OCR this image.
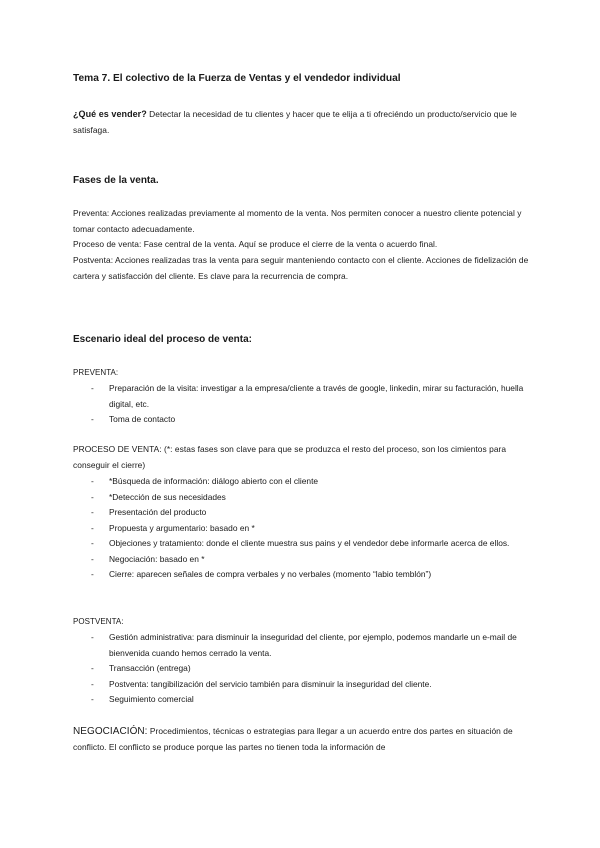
Tema 7. El colectivo de la Fuerza de Ventas y el vendedor individual

¿Qué es vender? Detectar la necesidad de tu clientes y hacer que te elija a ti ofreciéndo un producto/servicio que le satisfaga.

Fases de la venta.

Preventa: Acciones realizadas previamente al momento de la venta. Nos permiten conocer a nuestro cliente potencial y tomar contacto adecuadamente.

Proceso de venta: Fase central de la venta. Aquí se produce el cierre de la venta o acuerdo final.

Postventa: Acciones realizadas tras la venta para seguir manteniendo contacto con el cliente. Acciones de fidelización de cartera y satisfacción del cliente. Es clave para la recurrencia de compra.

Escenario ideal del proceso de venta:

PREVENTA:

- Preparación de la visita: investigar a la empresa/cliente a través de google, linkedin, mirar su facturación, huella digital, etc.
- Toma de contacto

PROCESO DE VENTA: (*: estas fases son clave para que se produzca el resto del proceso, son los cimientos para conseguir el cierre)

- *Búsqueda de información: diálogo abierto con el cliente
- *Detección de sus necesidades
- Presentación del producto
- Propuesta y argumentario: basado en *
- Objeciones y tratamiento: donde el cliente muestra sus pains y el vendedor debe informarle acerca de ellos.
- Negociación: basado en *
- Cierre: aparecen señales de compra verbales y no verbales (momento “labio temblón”)

POSTVENTA:

- Gestión administrativa: para disminuir la inseguridad del cliente, por ejemplo, podemos mandarle un e-mail de bienvenida cuando hemos cerrado la venta.
- Transacción (entrega)
- Postventa: tangibilización del servicio también para disminuir la inseguridad del cliente.
- Seguimiento comercial

NEGOCIACIÓN: Procedimientos, técnicas o estrategias para llegar a un acuerdo entre dos partes en situación de conflicto. El conflicto se produce porque las partes no tienen toda la información de
